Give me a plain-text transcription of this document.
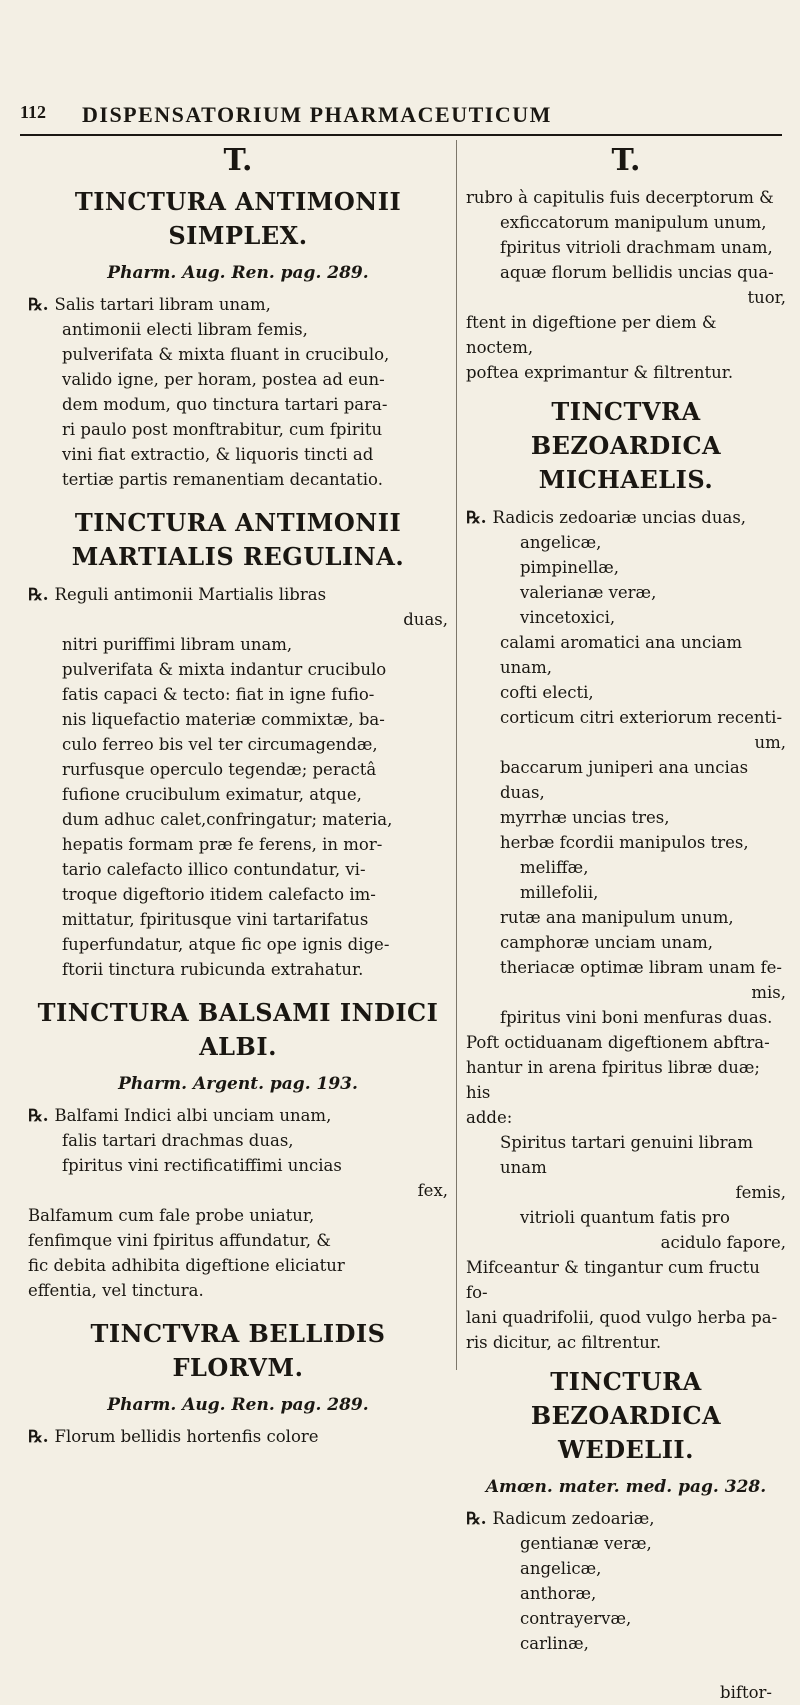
112 DISPENSATORIUM PHARMACEUTICUM
T.
TINCTURA ANTIMONII SIMPLEX.
Pharm. Aug. Ren. pag. 289.

℞. Salis tartari libram unam,

antimonii electi libram femis,

pulverifata & mixta fluant in crucibulo,

valido igne, per horam, postea ad eun-

dem modum, quo tinctura tartari para-

ri paulo post monftrabitur, cum fpiritu

vini fiat extractio, & liquoris tincti ad

tertiæ partis remanentiam decantatio.

TINCTURA ANTIMONII MARTIALIS REGULINA.

℞. Reguli antimonii Martialis libras

duas,

nitri puriffimi libram unam,

pulverifata & mixta indantur crucibulo

fatis capaci & tecto: fiat in igne fufio-

nis liquefactio materiæ commixtæ, ba-

culo ferreo bis vel ter circumagendæ,

rurfusque operculo tegendæ; peractâ

fufione crucibulum eximatur, atque,

dum adhuc calet,confringatur; materia,

hepatis formam præ fe ferens, in mor-

tario calefacto illico contundatur, vi-

troque digeftorio itidem calefacto im-

mittatur, fpiritusque vini tartarifatus

fuperfundatur, atque fic ope ignis dige-

ftorii tinctura rubicunda extrahatur.

TINCTURA BALSAMI INDICI ALBI.
Pharm. Argent. pag. 193.

℞. Balfami Indici albi unciam unam,

falis tartari drachmas duas,

fpiritus vini rectificatiffimi uncias

fex,

Balfamum cum fale probe uniatur,

fenfimque vini fpiritus affundatur, &

fic debita adhibita digeftione eliciatur

effentia, vel tinctura.

TINCTVRA BELLIDIS FLORVM.
Pharm. Aug. Ren. pag. 289.

℞. Florum bellidis hortenfis colore

T.

rubro à capitulis fuis decerptorum &

exficcatorum manipulum unum,

fpiritus vitrioli drachmam unam,

aquæ florum bellidis uncias qua-

tuor,

ftent in digeftione per diem & noctem,

poftea exprimantur & filtrentur.

TINCTVRA BEZOARDICA MICHAELIS.

℞. Radicis zedoariæ uncias duas,

angelicæ,

pimpinellæ,

valerianæ veræ,

vincetoxici,

calami aromatici ana unciam unam,

cofti electi,

corticum citri exteriorum recenti-

um,

baccarum juniperi ana uncias duas,

myrrhæ uncias tres,

herbæ fcordii manipulos tres,

meliffæ,

millefolii,

rutæ ana manipulum unum,

camphoræ unciam unam,

theriacæ optimæ libram unam fe-

mis,

fpiritus vini boni menfuras duas.

Poft octiduanam digeftionem abftra-

hantur in arena fpiritus libræ duæ; his

adde:

Spiritus tartari genuini libram unam

femis,

vitrioli quantum fatis pro

acidulo fapore,

Mifceantur & tingantur cum fructu fo-

lani quadrifolii, quod vulgo herba pa-

ris dicitur, ac filtrentur.

TINCTURA BEZOARDICA WEDELII.
Amœn. mater. med. pag. 328.

℞. Radicum zedoariæ,

gentianæ veræ,

angelicæ,

anthoræ,

contrayervæ,

carlinæ,

biftor-
